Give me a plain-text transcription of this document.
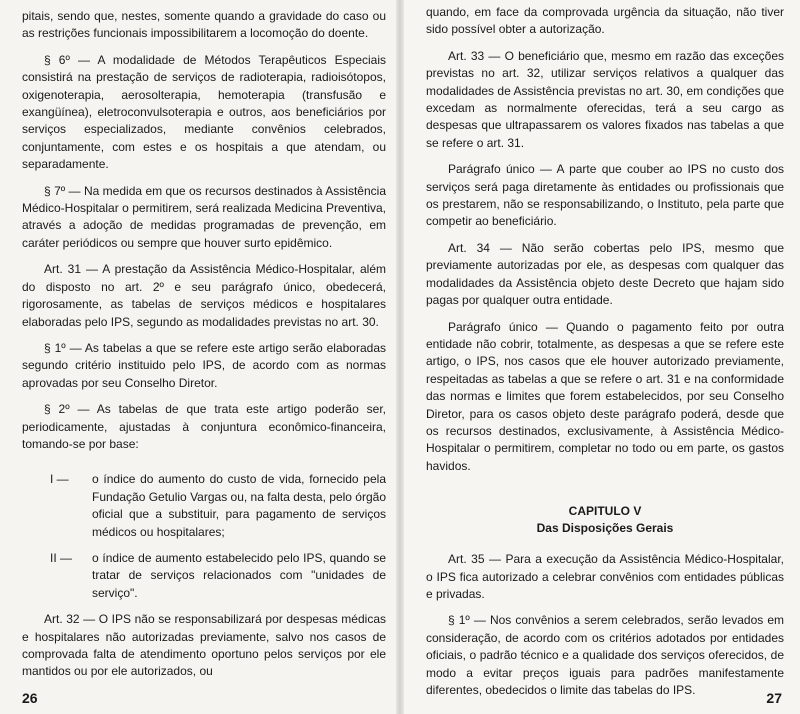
pitais, sendo que, nestes, somente quando a gravidade do caso ou as restrições funcionais impossibilitarem a locomoção do doente.

§ 6º — A modalidade de Métodos Terapêuticos Especiais consistirá na prestação de serviços de radioterapia, radioisótopos, oxigenoterapia, aerosolterapia, hemoterapia (transfusão e exangüínea), eletroconvulsoterapia e outros, aos beneficiários por serviços especializados, mediante convênios celebrados, conjuntamente, com estes e os hospitais a que atendam, ou separadamente.

§ 7º — Na medida em que os recursos destinados à Assistência Médico-Hospitalar o permitirem, será realizada Medicina Preventiva, através a adoção de medidas programadas de prevenção, em caráter periódicos ou sempre que houver surto epidêmico.

Art. 31 — A prestação da Assistência Médico-Hospitalar, além do disposto no art. 2º e seu parágrafo único, obedecerá, rigorosamente, as tabelas de serviços médicos e hospitalares elaboradas pelo IPS, segundo as modalidades previstas no art. 30.

§ 1º — As tabelas a que se refere este artigo serão elaboradas segundo critério instituido pelo IPS, de acordo com as normas aprovadas por seu Conselho Diretor.

§ 2º — As tabelas de que trata este artigo poderão ser, periodicamente, ajustadas à conjuntura econômico-financeira, tomando-se por base:

I —	o índice do aumento do custo de vida, fornecido pela Fundação Getulio Vargas ou, na falta desta, pelo órgão oficial que a substituir, para pagamento de serviços médicos ou hospitalares;
II —	o índice de aumento estabelecido pelo IPS, quando se tratar de serviços relacionados com "unidades de serviço".

Art. 32 — O IPS não se responsabilizará por despesas médicas e hospitalares não autorizadas previamente, salvo nos casos de comprovada falta de atendimento oportuno pelos serviços por ele mantidos ou por ele autorizados, ou

26

quando, em face da comprovada urgência da situação, não tiver sido possível obter a autorização.

Art. 33 — O beneficiário que, mesmo em razão das exceções previstas no art. 32, utilizar serviços relativos a qualquer das modalidades de Assistência previstas no art. 30, em condições que excedam as normalmente oferecidas, terá a seu cargo as despesas que ultrapassarem os valores fixados nas tabelas a que se refere o art. 31.

Parágrafo único — A parte que couber ao IPS no custo dos serviços será paga diretamente às entidades ou profissionais que os prestarem, não se responsabilizando, o Instituto, pela parte que competir ao beneficiário.

Art. 34 — Não serão cobertas pelo IPS, mesmo que previamente autorizadas por ele, as despesas com qualquer das modalidades da Assistência objeto deste Decreto que hajam sido pagas por qualquer outra entidade.

Parágrafo único — Quando o pagamento feito por outra entidade não cobrir, totalmente, as despesas a que se refere este artigo, o IPS, nos casos que ele houver autorizado previamente, respeitadas as tabelas a que se refere o art. 31 e na conformidade das normas e limites que forem estabelecidos, por seu Conselho Diretor, para os casos objeto deste parágrafo poderá, desde que os recursos destinados, exclusivamente, à Assistência Médico-Hospitalar o permitirem, completar no todo ou em parte, os gastos havidos.

CAPITULO V
Das Disposições Gerais

Art. 35 — Para a execução da Assistência Médico-Hospitalar, o IPS fica autorizado a celebrar convênios com entidades públicas e privadas.

§ 1º — Nos convênios a serem celebrados, serão levados em consideração, de acordo com os critérios adotados por entidades oficiais, o padrão técnico e a qualidade dos serviços oferecidos, de modo a evitar preços iguais para padrões manifestamente diferentes, obedecidos o limite das tabelas do IPS.	27
